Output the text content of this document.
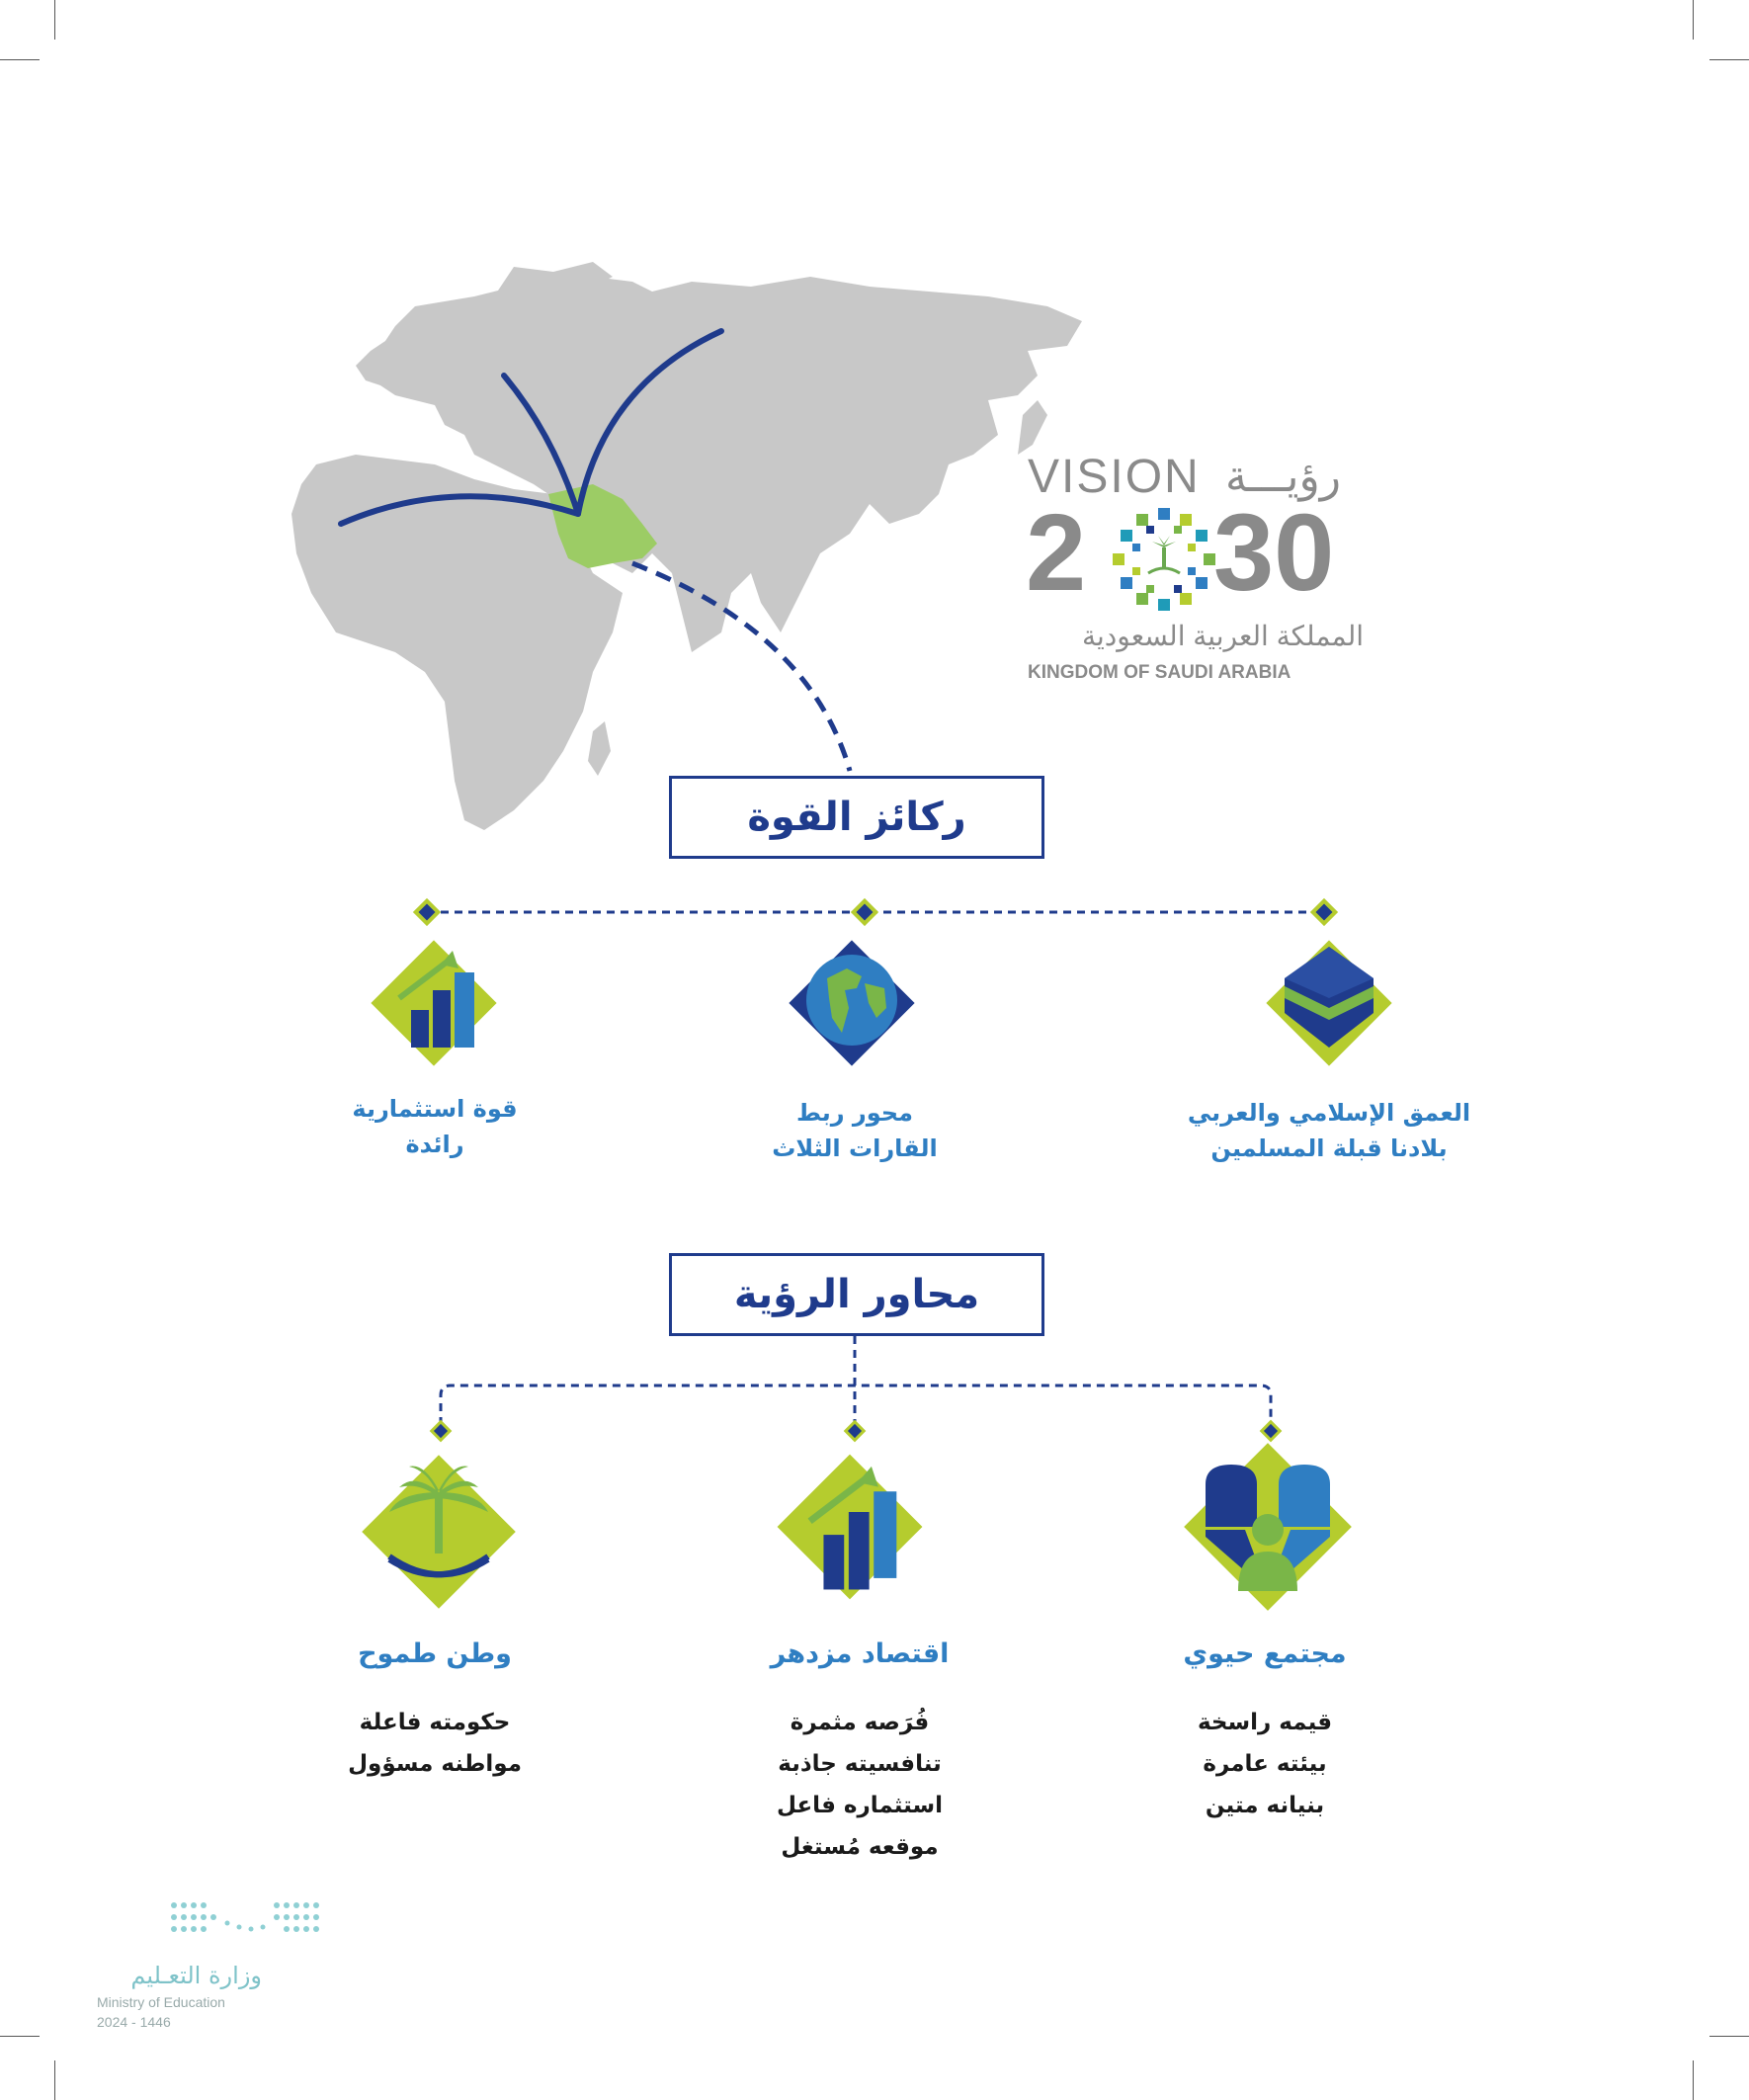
VISION رؤيـــة
2 30
المملكة العربية السعودية
KINGDOM OF SAUDI ARABIA
ركائز القوة
العمق الإسلامي والعربي
بلادنا قبلة المسلمين
محور ربط
القارات الثلاث
قوة استثمارية
رائدة
محاور الرؤية
مجتمع حيوي
اقتصاد مزدهر
وطن طموح
قيمه راسخة
بيئته عامرة
بنيانه متين
فُرَصه مثمرة
تنافسيته جاذبة
استثماره فاعل
موقعه مُستغل
حكومته فاعلة
مواطنه مسؤول
وزارة التعـليم
Ministry of Education
2024 - 1446
